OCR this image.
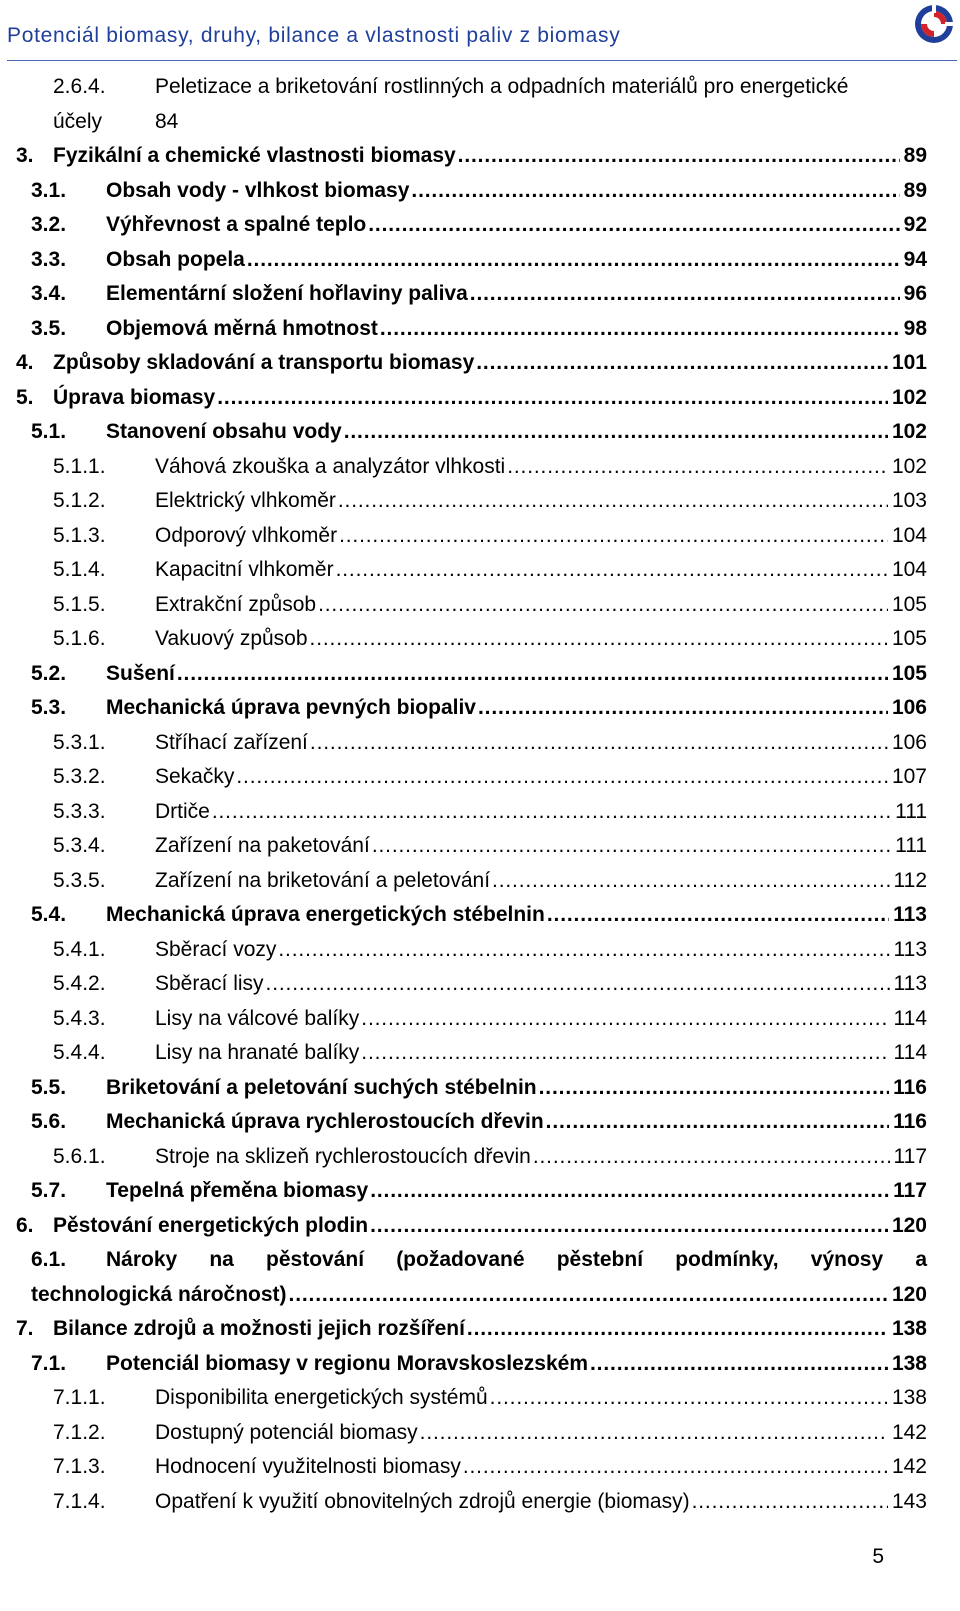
Potenciál biomasy, druhy, bilance a vlastnosti paliv z biomasy
2.6.4. Peletizace a briketování rostlinných a odpadních materiálů pro energetické
účely	84
3. Fyzikální a chemické vlastnosti biomasy . . .	89
3.1. Obsah vody - vlhkost biomasy . . .	89
3.2. Výhřevnost a spalné teplo . . .	92
3.3. Obsah popela . . .	94
3.4. Elementární složení hořlaviny paliva . . .	96
3.5. Objemová měrná hmotnost . . .	98
4. Způsoby skladování a transportu biomasy . . .	101
5. Úprava biomasy . . .	102
5.1. Stanovení obsahu vody . . .	102
5.1.1. Váhová zkouška a analyzátor vlhkosti . . .	102
5.1.2. Elektrický vlhkoměr . . .	103
5.1.3. Odporový vlhkoměr . . .	104
5.1.4. Kapacitní vlhkoměr . . .	104
5.1.5. Extrakční způsob . . .	105
5.1.6. Vakuový způsob . . .	105
5.2. Sušení . . .	105
5.3. Mechanická úprava pevných biopaliv . . .	106
5.3.1. Stříhací zařízení . . .	106
5.3.2. Sekačky . . .	107
5.3.3. Drtiče . . .	111
5.3.4. Zařízení na paketování . . .	111
5.3.5. Zařízení na briketování a peletování . . .	112
5.4. Mechanická úprava energetických stébelnin . . .	113
5.4.1. Sběrací vozy . . .	113
5.4.2. Sběrací lisy . . .	113
5.4.3. Lisy na válcové balíky . . .	114
5.4.4. Lisy na hranaté balíky . . .	114
5.5. Briketování a peletování suchých stébelnin . . .	116
5.6. Mechanická úprava rychlerostoucích dřevin . . .	116
5.6.1. Stroje na sklizeň rychlerostoucích dřevin . . .	117
5.7. Tepelná přeměna biomasy . . .	117
6. Pěstování energetických plodin . . .	120
6.1. Nároky na pěstování (požadované pěstební podmínky, výnosy a
technologická náročnost) . . .	120
7. Bilance zdrojů a možnosti jejich rozšíření . . .	138
7.1. Potenciál biomasy v regionu Moravskoslezském . . .	138
7.1.1. Disponibilita energetických systémů . . .	138
7.1.2. Dostupný potenciál biomasy . . .	142
7.1.3. Hodnocení využitelnosti biomasy . . .	142
7.1.4. Opatření k využití obnovitelných zdrojů energie (biomasy) . . .	143
5
